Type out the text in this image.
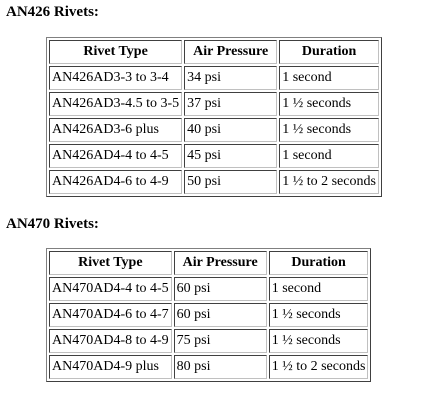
AN426 Rivets:
Rivet Type	Air Pressure	Duration
AN426AD3-3 to 3-4	34 psi	1 second
AN426AD3-4.5 to 3-5	37 psi	1 ½ seconds
AN426AD3-6 plus	40 psi	1 ½ seconds
AN426AD4-4 to 4-5	45 psi	1 second
AN426AD4-6 to 4-9	50 psi	1 ½ to 2 seconds
AN470 Rivets:
Rivet Type	Air Pressure	Duration
AN470AD4-4 to 4-5	60 psi	1 second
AN470AD4-6 to 4-7	60 psi	1 ½ seconds
AN470AD4-8 to 4-9	75 psi	1 ½ seconds
AN470AD4-9 plus	80 psi	1 ½ to 2 seconds
